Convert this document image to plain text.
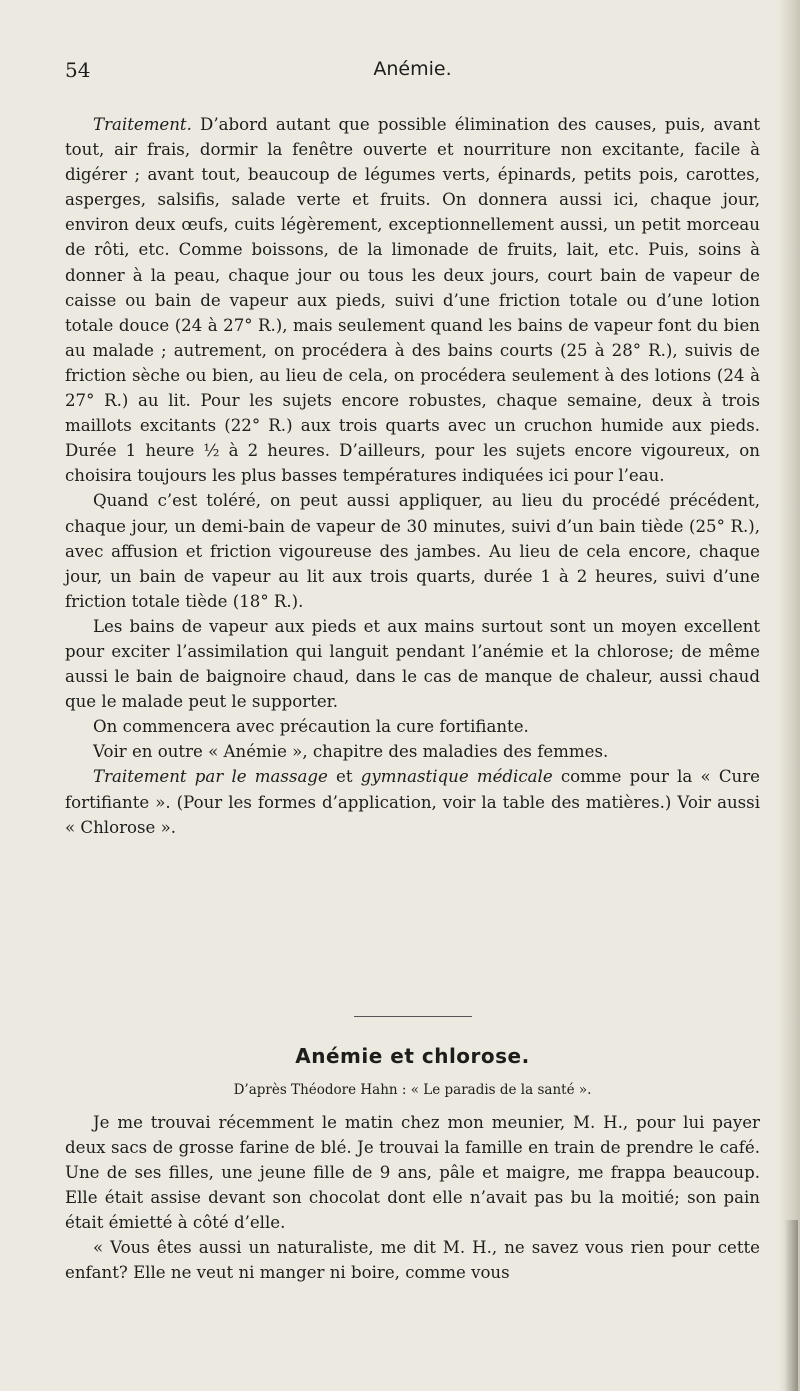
54	Anémie.

Traitement. D’abord autant que possible élimination des causes, puis, avant tout, air frais, dormir la fenêtre ouverte et nourriture non excitante, facile à digérer ; avant tout, beaucoup de légumes verts, épinards, petits pois, carottes, asperges, salsifis, salade verte et fruits. On donnera aussi ici, chaque jour, environ deux œufs, cuits légèrement, exceptionnellement aussi, un petit morceau de rôti, etc. Comme boissons, de la limonade de fruits, lait, etc. Puis, soins à donner à la peau, chaque jour ou tous les deux jours, court bain de vapeur de caisse ou bain de vapeur aux pieds, suivi d’une friction totale ou d’une lotion totale douce (24 à 27° R.), mais seulement quand les bains de vapeur font du bien au malade ; autrement, on procédera à des bains courts (25 à 28° R.), suivis de friction sèche ou bien, au lieu de cela, on procédera seulement à des lotions (24 à 27° R.) au lit. Pour les sujets encore robustes, chaque semaine, deux à trois maillots excitants (22° R.) aux trois quarts avec un cruchon humide aux pieds. Durée 1 heure ½ à 2 heures. D’ailleurs, pour les sujets encore vigoureux, on choisira toujours les plus basses températures indiquées ici pour l’eau.

Quand c’est toléré, on peut aussi appliquer, au lieu du procédé précédent, chaque jour, un demi-bain de vapeur de 30 minutes, suivi d’un bain tiède (25° R.), avec affusion et friction vigoureuse des jambes. Au lieu de cela encore, chaque jour, un bain de vapeur au lit aux trois quarts, durée 1 à 2 heures, suivi d’une friction totale tiède (18° R.).

Les bains de vapeur aux pieds et aux mains surtout sont un moyen excellent pour exciter l’assimilation qui languit pendant l’anémie et la chlorose; de même aussi le bain de baignoire chaud, dans le cas de manque de chaleur, aussi chaud que le malade peut le supporter.

On commencera avec précaution la cure fortifiante.

Voir en outre « Anémie », chapitre des maladies des femmes.

Traitement par le massage et gymnastique médicale comme pour la « Cure fortifiante ». (Pour les formes d’application, voir la table des matières.) Voir aussi « Chlorose ».

Anémie et chlorose.
D’après Théodore Hahn : « Le paradis de la santé ».

Je me trouvai récemment le matin chez mon meunier, M. H., pour lui payer deux sacs de grosse farine de blé. Je trouvai la famille en train de prendre le café. Une de ses filles, une jeune fille de 9 ans, pâle et maigre, me frappa beaucoup. Elle était assise devant son chocolat dont elle n’avait pas bu la moitié; son pain était émietté à côté d’elle.

« Vous êtes aussi un naturaliste, me dit M. H., ne savez vous rien pour cette enfant? Elle ne veut ni manger ni boire, comme vous
